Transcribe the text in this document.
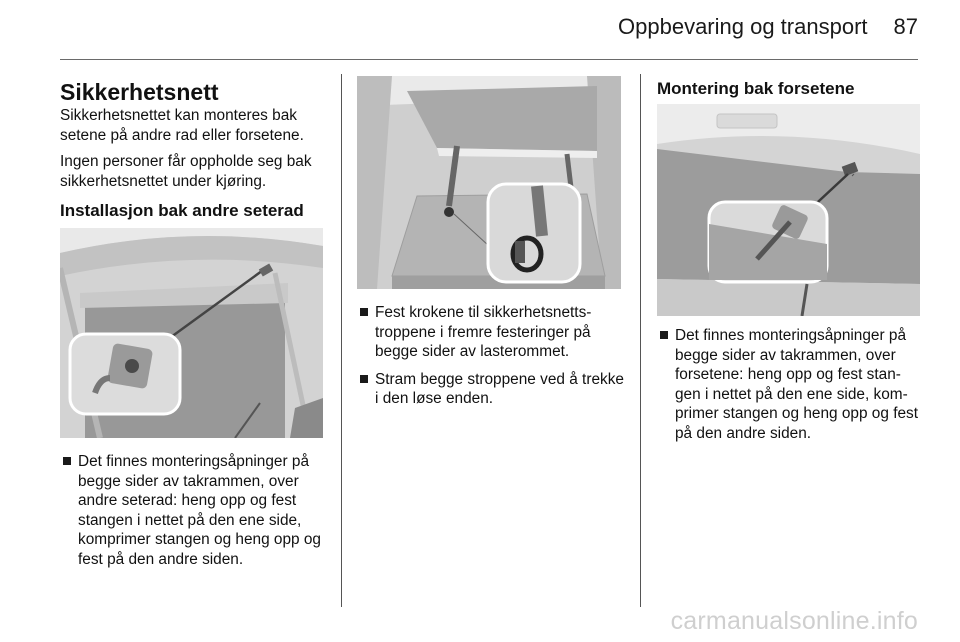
Oppbevaring og transport 87
Sikkerhetsnett

Sikkerhetsnettet kan monteres bak setene på andre rad eller forsetene.

Ingen personer får oppholde seg bak sikkerhetsnettet under kjøring.

Installasjon bak andre seterad
Det finnes monteringsåpninger på begge sider av takrammen, over andre seterad: heng opp og fest stangen i nettet på den ene side, komprimer stangen og heng opp og fest på den andre siden.
Fest krokene til sikkerhetsnetts-troppene i fremre festeringer på begge sider av lasterommet.
Stram begge stroppene ved å trekke i den løse enden.
Montering bak forsetene
Det finnes monteringsåpninger på begge sider av takrammen, over forsetene: heng opp og fest stan-gen i nettet på den ene side, kom-primer stangen og heng opp og fest på den andre siden.
carmanualsonline.info
